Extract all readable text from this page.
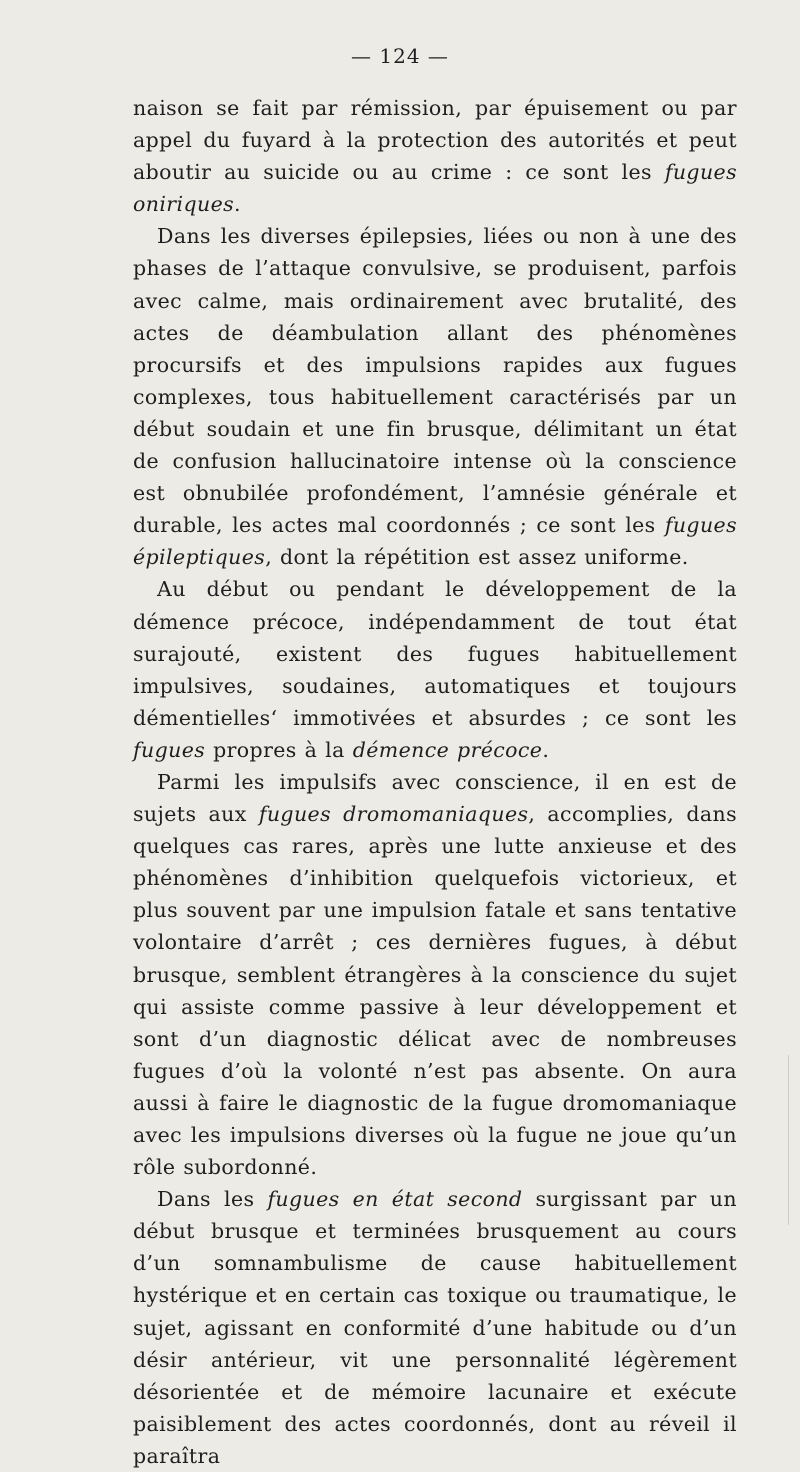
— 124 —

naison se fait par rémission, par épuisement ou par appel du fuyard à la protection des autorités et peut aboutir au suicide ou au crime : ce sont les fugues oniriques.

Dans les diverses épilepsies, liées ou non à une des phases de l’attaque convulsive, se produisent, parfois avec calme, mais ordinairement avec brutalité, des actes de déambulation allant des phénomènes procursifs et des impulsions rapides aux fugues complexes, tous habituellement caractérisés par un début soudain et une fin brusque, délimitant un état de confusion hallucinatoire intense où la conscience est obnubilée profondément, l’amnésie générale et durable, les actes mal coordonnés ; ce sont les fugues épileptiques, dont la répétition est assez uniforme.

Au début ou pendant le développement de la démence précoce, indépendamment de tout état surajouté, existent des fugues habituellement impulsives, soudaines, automatiques et toujours démentielles‘ immotivées et absurdes ; ce sont les fugues propres à la démence précoce.

Parmi les impulsifs avec conscience, il en est de sujets aux fugues dromomaniaques, accomplies, dans quelques cas rares, après une lutte anxieuse et des phénomènes d’inhibition quelquefois victorieux, et plus souvent par une impulsion fatale et sans tentative volontaire d’arrêt ; ces dernières fugues, à début brusque, semblent étrangères à la conscience du sujet qui assiste comme passive à leur développement et sont d’un diagnostic délicat avec de nombreuses fugues d’où la volonté n’est pas absente. On aura aussi à faire le diagnostic de la fugue dromomaniaque avec les impulsions diverses où la fugue ne joue qu’un rôle subordonné.

Dans les fugues en état second surgissant par un début brusque et terminées brusquement au cours d’un somnambulisme de cause habituellement hystérique et en certain cas toxique ou traumatique, le sujet, agissant en conformité d’une habitude ou d’un désir antérieur, vit une personnalité légèrement désorientée et de mémoire lacunaire et exécute paisiblement des actes coordonnés, dont au réveil il paraîtra
